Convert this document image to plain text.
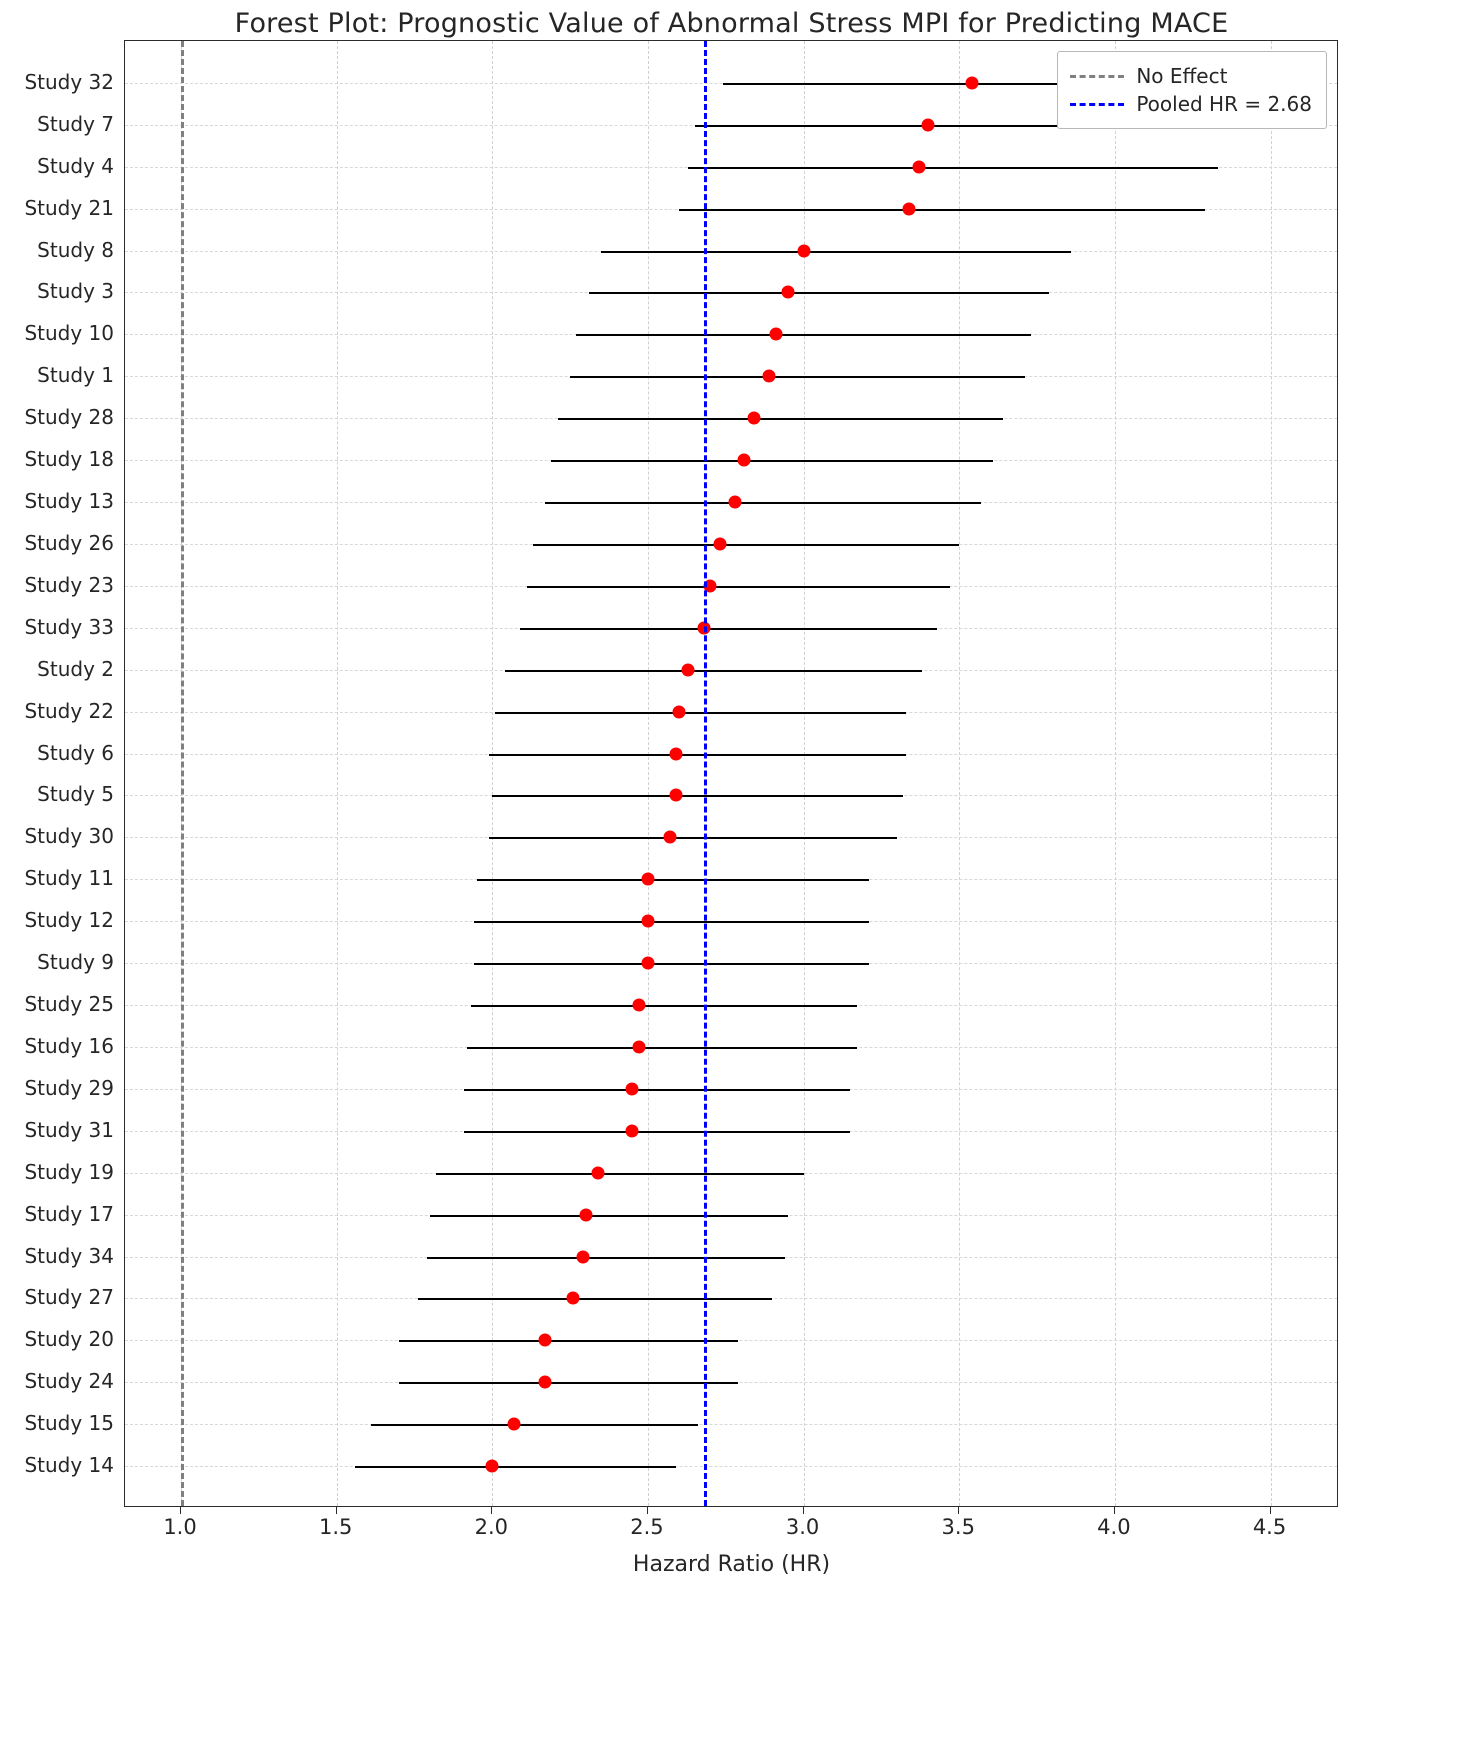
Forest Plot: Prognostic Value of Abnormal Stress MPI for Predicting MACE
Study 32
Study 7
Study 4
Study 21
Study 8
Study 3
Study 10
Study 1
Study 28
Study 18
Study 13
Study 26
Study 23
Study 33
Study 2
Study 22
Study 6
Study 5
Study 30
Study 11
Study 12
Study 9
Study 25
Study 16
Study 29
Study 31
Study 19
Study 17
Study 34
Study 27
Study 20
Study 24
Study 15
Study 14
No Effect
Pooled HR = 2.68
1.0	1.5	2.0	2.5	3.0	3.5	4.0	4.5
Hazard Ratio (HR)
